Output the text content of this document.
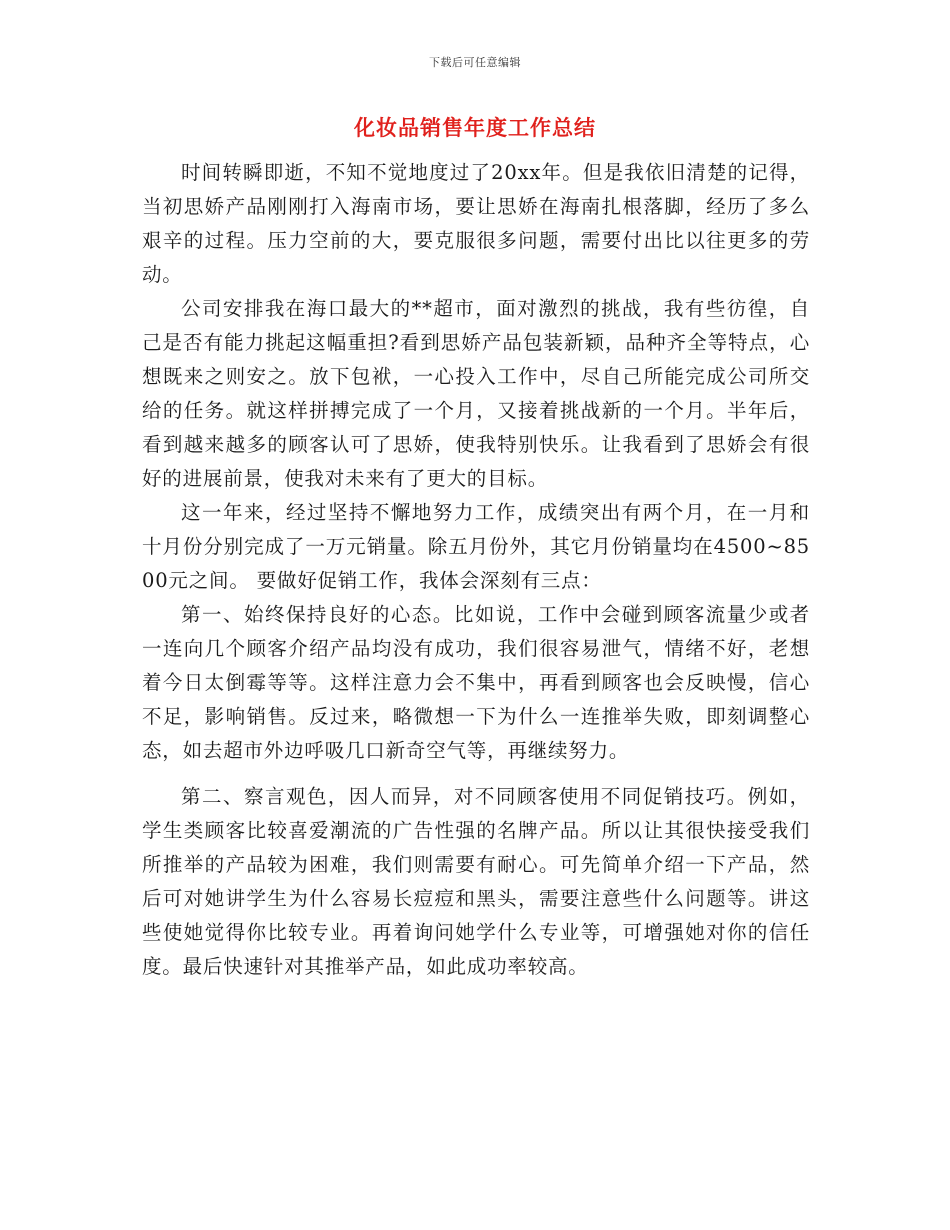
下载后可任意编辑
化妆品销售年度工作总结

时间转瞬即逝，不知不觉地度过了20xx年。但是我依旧清楚的记得，当初思娇产品刚刚打入海南市场，要让思娇在海南扎根落脚，经历了多么艰辛的过程。压力空前的大，要克服很多问题，需要付出比以往更多的劳动。

公司安排我在海口最大的**超市，面对激烈的挑战，我有些彷徨，自己是否有能力挑起这幅重担?看到思娇产品包装新颖，品种齐全等特点，心想既来之则安之。放下包袱，一心投入工作中，尽自己所能完成公司所交给的任务。就这样拼搏完成了一个月，又接着挑战新的一个月。半年后，看到越来越多的顾客认可了思娇，使我特别快乐。让我看到了思娇会有很好的进展前景，使我对未来有了更大的目标。

这一年来，经过坚持不懈地努力工作，成绩突出有两个月，在一月和十月份分别完成了一万元销量。除五月份外，其它月份销量均在4500~8500元之间。 要做好促销工作，我体会深刻有三点：

第一、始终保持良好的心态。比如说，工作中会碰到顾客流量少或者一连向几个顾客介绍产品均没有成功，我们很容易泄气，情绪不好，老想着今日太倒霉等等。这样注意力会不集中，再看到顾客也会反映慢，信心不足，影响销售。反过来，略微想一下为什么一连推举失败，即刻调整心态，如去超市外边呼吸几口新奇空气等，再继续努力。

第二、察言观色，因人而异，对不同顾客使用不同促销技巧。例如，学生类顾客比较喜爱潮流的广告性强的名牌产品。所以让其很快接受我们所推举的产品较为困难，我们则需要有耐心。可先简单介绍一下产品，然后可对她讲学生为什么容易长痘痘和黑头，需要注意些什么问题等。讲这些使她觉得你比较专业。再着询问她学什么专业等，可增强她对你的信任度。最后快速针对其推举产品，如此成功率较高。
